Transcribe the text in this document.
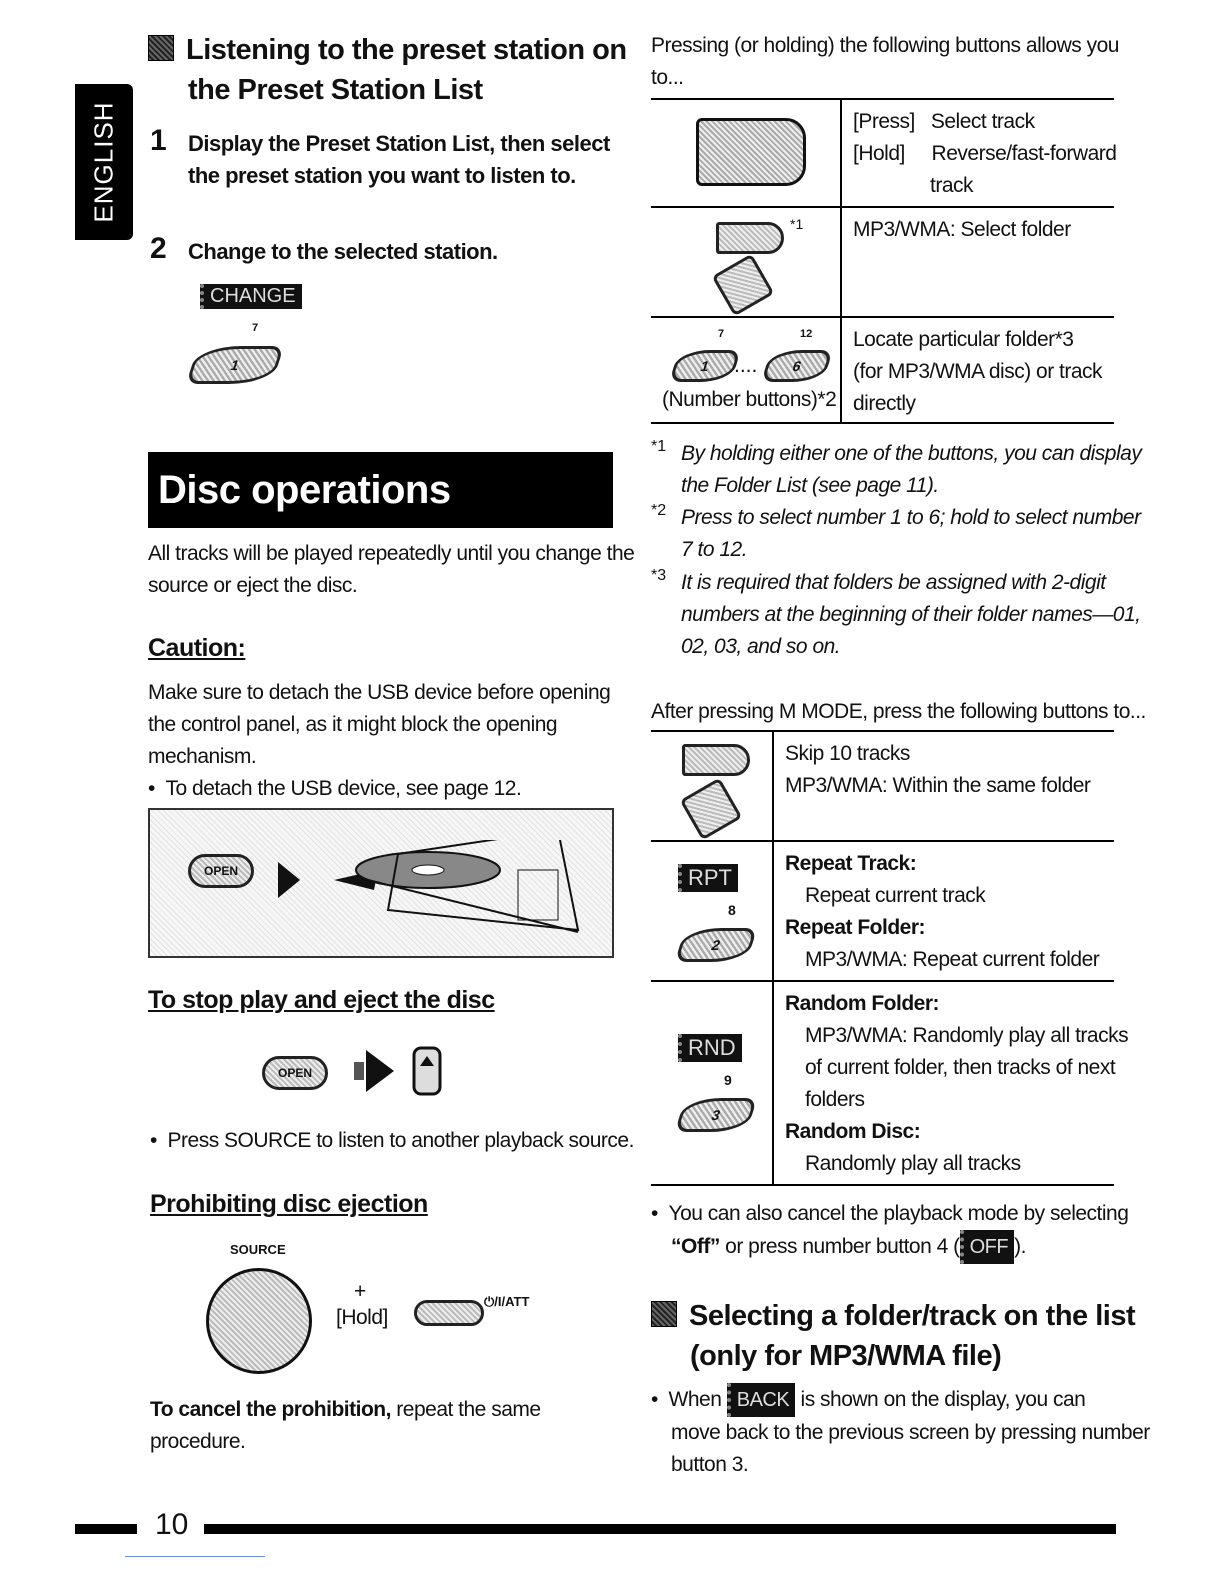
ENGLISH
Listening to the preset station on
the Preset Station List
1 Display the Preset Station List, then select
the preset station you want to listen to.
2 Change to the selected station.
CHANGE
7
1
Disc operations
All tracks will be played repeatedly until you change the
source or eject the disc.
Caution:
Make sure to detach the USB device before opening
the control panel, as it might block the opening
mechanism.
•  To detach the USB device, see page 12.
OPEN
To stop play and eject the disc
OPEN
•  Press SOURCE to listen to another playback source.
Prohibiting disc ejection
SOURCE
+
[Hold]
⏻/I/ATT
To cancel the prohibition, repeat the same
procedure.
Pressing (or holding) the following buttons allows you
to...
[Press] Select track
[Hold] Reverse/fast-forward
track
*1 MP3/WMA: Select folder
7	12
1 .... 6
(Number buttons)*2
Locate particular folder*3
(for MP3/WMA disc) or track
directly
*1 By holding either one of the buttons, you can display
the Folder List (see page 11).
*2 Press to select number 1 to 6; hold to select number
7 to 12.
*3 It is required that folders be assigned with 2-digit
numbers at the beginning of their folder names—01,
02, 03, and so on.
After pressing M MODE, press the following buttons to...
Skip 10 tracks
MP3/WMA: Within the same folder
RPT
8
2
Repeat Track:
Repeat current track
Repeat Folder:
MP3/WMA: Repeat current folder
RND
9
3
Random Folder:
MP3/WMA: Randomly play all tracks
of current folder, then tracks of next
folders
Random Disc:
Randomly play all tracks
•  You can also cancel the playback mode by selecting
“Off” or press number button 4 ( OFF ).
Selecting a folder/track on the list
(only for MP3/WMA file)
•  When BACK is shown on the display, you can
move back to the previous screen by pressing number
button 3.
10
